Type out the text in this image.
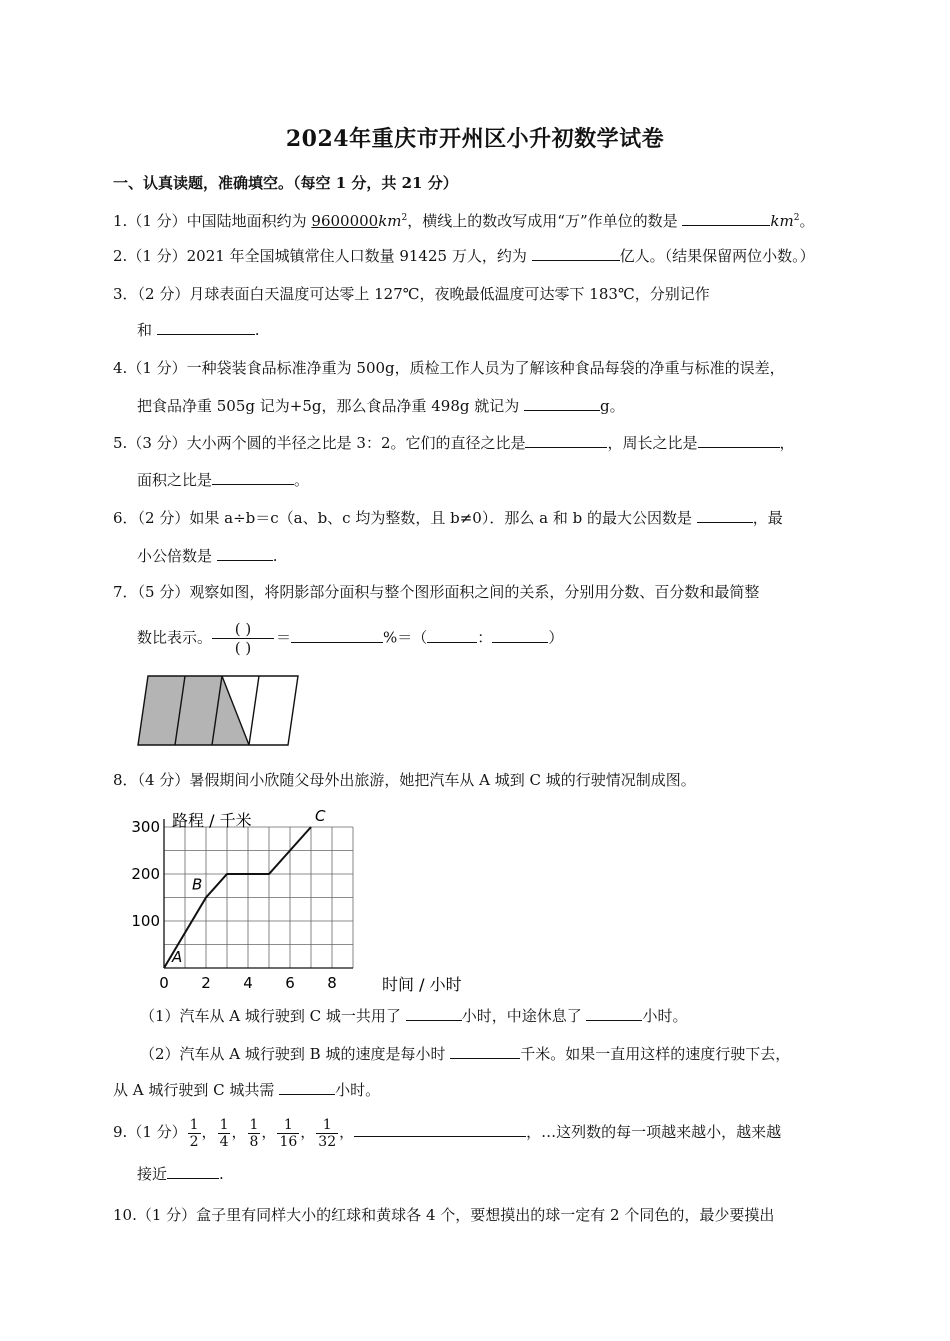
2024年重庆市开州区小升初数学试卷
一、认真读题，准确填空。（每空 1 分，共 21 分）
1.（1 分）中国陆地面积约为 $9600000km^2$，横线上的数改写成用“万”作单位的数是	$km^2$。
2.（1 分）2021 年全国城镇常住人口数量 91425 万人，约为	亿人。（结果保留两位小数。）
3．（2 分）月球表面白天温度可达零上 127℃，夜晚最低温度可达零下 183℃，分别记作
和	.
4.（1 分）一种袋装食品标准净重为 500g，质检工作人员为了解该种食品每袋的净重与标准的误差，
把食品净重 505g 记为+5g，那么食品净重 498g 就记为	g。
5.（3 分）大小两个圆的半径之比是 3：2。它们的直径之比是	，周长之比是	，
面积之比是	。
6．（2 分）如果 a÷b＝c（a、b、c 均为整数，且 b≠0）．那么 a 和 b 的最大公因数是	，最
小公倍数是	.
7．（5 分）观察如图，将阴影部分面积与整个图形面积之间的关系，分别用分数、百分数和最简整
数比表示。	( )
( )
＝	%＝（	：	）
8．（4 分）暑假期间小欣随父母外出旅游，她把汽车从 A 城到 C 城的行驶情况制成图。
路程 / 千米
时间 / 小时
0 2 4 6 8
100
200
300
A
B
C
（1）汽车从 A 城行驶到 C 城一共用了	小时，中途休息了	小时。
（2）汽车从 A 城行驶到 B 城的速度是每小时	千米。如果一直用这样的速度行驶下去，
从 A 城行驶到 C 城共需	小时。
9.（1 分） $\frac{1}{2}$ ， $\frac{1}{4}$ ， $\frac{1}{8}$ ， $\frac{1}{16}$ ， $\frac{1}{32}$ ，	，…这列数的每一项越来越小，越来越
接近	.
10.（1 分）盒子里有同样大小的红球和黄球各 4 个，要想摸出的球一定有 2 个同色的，最少要摸出
